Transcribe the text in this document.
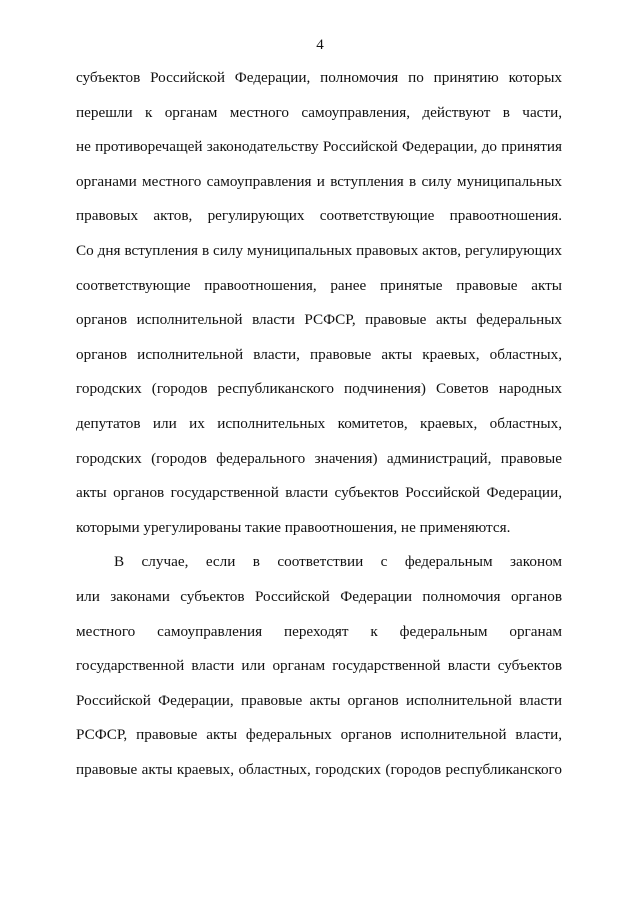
4
субъектов Российской Федерации, полномочия по принятию которых
перешли к органам местного самоуправления, действуют в части,
не противоречащей законодательству Российской Федерации, до принятия
органами местного самоуправления и вступления в силу муниципальных
правовых актов, регулирующих соответствующие правоотношения.
Со дня вступления в силу муниципальных правовых актов, регулирующих
соответствующие правоотношения, ранее принятые правовые акты
органов исполнительной власти РСФСР, правовые акты федеральных
органов исполнительной власти, правовые акты краевых, областных,
городских (городов республиканского подчинения) Советов народных
депутатов или их исполнительных комитетов, краевых, областных,
городских (городов федерального значения) администраций, правовые
акты органов государственной власти субъектов Российской Федерации,
которыми урегулированы такие правоотношения, не применяются.
В случае, если в соответствии с федеральным законом
или законами субъектов Российской Федерации полномочия органов
местного самоуправления переходят к федеральным органам
государственной власти или органам государственной власти субъектов
Российской Федерации, правовые акты органов исполнительной власти
РСФСР, правовые акты федеральных органов исполнительной власти,
правовые акты краевых, областных, городских (городов республиканского
